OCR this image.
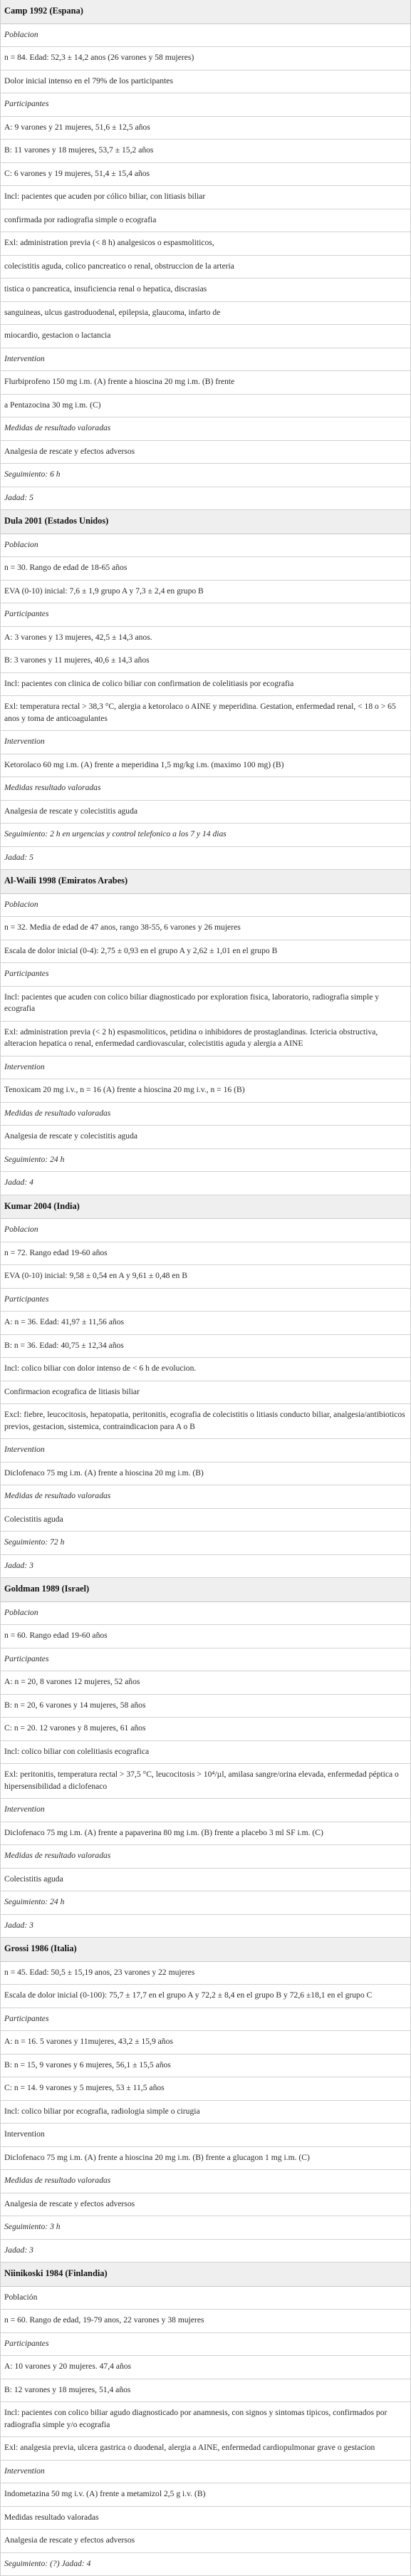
Camp 1992 (Espana)
Poblacion
n = 84. Edad: 52,3 ± 14,2 anos (26 varones y 58 mujeres)
Dolor inicial intenso en el 79% de los participantes
Participantes
A: 9 varones y 21 mujeres, 51,6 ± 12,5 años
B: 11 varones y 18 mujeres, 53,7 ± 15,2 años
C: 6 varones y 19 mujeres, 51,4 ± 15,4 años
Incl: pacientes que acuden por cólico biliar, con litiasis biliar
confirmada por radiografia simple o ecografia
Exl: administration previa (< 8 h) analgesicos o espasmoliticos,
colecistitis aguda, colico pancreatico o renal, obstruccion de la arteria
tistica o pancreatica, insuficiencia renal o hepatica, discrasias
sanguineas, ulcus gastroduodenal, epilepsia, glaucoma, infarto de
miocardio, gestacion o lactancia
Intervention
Flurbiprofeno 150 mg i.m. (A) frente a hioscina 20 mg i.m. (B) frente
a Pentazocina 30 mg i.m. (C)
Medidas de resultado valoradas
Analgesia de rescate y efectos adversos
Seguimiento: 6 h
Jadad: 5
Dula 2001 (Estados Unidos)
Poblacion
n = 30. Rango de edad de 18-65 años
EVA (0-10) inicial: 7,6 ± 1,9 grupo A y 7,3 ± 2,4 en grupo B
Participantes
A: 3 varones y 13 mujeres, 42,5 ± 14,3 anos.
B: 3 varones y 11 mujeres, 40,6 ± 14,3 años
Incl: pacientes con clinica de colico biliar con confirmation de colelitiasis por ecografia
Exl: temperatura rectal > 38,3 °C, alergia a ketorolaco o AINE y meperidina. Gestation, enfermedad renal, < 18 o > 65 anos y toma de anticoagulantes
Intervention
Ketorolaco 60 mg i.m. (A) frente a meperidina 1,5 mg/kg i.m. (maximo 100 mg) (B)
Medidas resultado valoradas
Analgesia de rescate y colecistitis aguda
Seguimiento: 2 h en urgencias y control telefonico a los 7 y 14 dias
Jadad: 5
Al-Waili 1998 (Emiratos Arabes)
Poblacion
n = 32. Media de edad de 47 anos, rango 38-55, 6 varones y 26 mujeres
Escala de dolor inicial (0-4): 2,75 ± 0,93 en el grupo A y 2,62 ± 1,01 en el grupo B
Participantes
Incl: pacientes que acuden con colico biliar diagnosticado por exploration fisica, laboratorio, radiografia simple y ecografia
Exl: administration previa (< 2 h) espasmoliticos, petidina o inhibidores de prostaglandinas. Ictericia obstructiva, alteracion hepatica o renal, enfermedad cardiovascular, colecistitis aguda y alergia a AINE
Intervention
Tenoxicam 20 mg i.v., n = 16 (A) frente a hioscina 20 mg i.v., n = 16 (B)
Medidas de resultado valoradas
Analgesia de rescate y colecistitis aguda
Seguimiento: 24 h
Jadad: 4
Kumar 2004 (India)
Poblacion
n = 72. Rango edad 19-60 años
EVA (0-10) inicial: 9,58 ± 0,54 en A y 9,61 ± 0,48 en B
Participantes
A: n = 36. Edad: 41,97 ± 11,56 años
B: n = 36. Edad: 40,75 ± 12,34 años
Incl: colico biliar con dolor intenso de < 6 h de evolucion.
Confirmacion ecografica de litiasis biliar
Excl: fiebre, leucocitosis, hepatopatia, peritonitis, ecografia de colecistitis o litiasis conducto biliar, analgesia/antibioticos previos, gestacion, sistemica, contraindicacion para A o B
Intervention
Diclofenaco 75 mg i.m. (A) frente a hioscina 20 mg i.m. (B)
Medidas de resultado valoradas
Colecistitis aguda
Seguimiento: 72 h
Jadad: 3
Goldman 1989 (Israel)
Poblacion
n = 60. Rango edad 19-60 años
Participantes
A: n = 20, 8 varones 12 mujeres, 52 años
B: n = 20, 6 varones y 14 mujeres, 58 años
C: n = 20. 12 varones y 8 mujeres, 61 años
Incl: colico biliar con colelitiasis ecografica
Exl: peritonitis, temperatura rectal > 37,5 °C, leucocitosis > 10⁴/µl, amilasa sangre/orina elevada, enfermedad péptica o hipersensibilidad a diclofenaco
Intervention
Diclofenaco 75 mg i.m. (A) frente a papaverina 80 mg i.m. (B) frente a placebo 3 ml SF i.m. (C)
Medidas de resultado valoradas
Colecistitis aguda
Seguimiento: 24 h
Jadad: 3
Grossi 1986 (Italia)
n = 45. Edad: 50,5 ± 15,19 anos, 23 varones y 22 mujeres
Escala de dolor inicial (0-100): 75,7 ± 17,7 en el grupo A y 72,2 ± 8,4 en el grupo B y 72,6 ±18,1 en el grupo C
Participantes
A: n = 16. 5 varones y 11mujeres, 43,2 ± 15,9 años
B: n = 15, 9 varones y 6 mujeres, 56,1 ± 15,5 años
C: n = 14. 9 varones y 5 mujeres, 53 ± 11,5 años
Incl: colico biliar por ecografia, radiologia simple o cirugia
Intervention
Diclofenaco 75 mg i.m. (A) frente a hioscina 20 mg i.m. (B) frente a glucagon 1 mg i.m. (C)
Medidas de resultado valoradas
Analgesia de rescate y efectos adversos
Seguimiento: 3 h
Jadad: 3
Niinikoski 1984 (Finlandia)
Población
n = 60. Rango de edad, 19-79 anos, 22 varones y 38 mujeres
Participantes
A: 10 varones y 20 mujeres. 47,4 años
B: 12 varones y 18 mujeres, 51,4 años
Incl: pacientes con colico biliar agudo diagnosticado por anamnesis, con signos y sintomas tipicos, confirmados por radiografia simple y/o ecografia
Exl: analgesia previa, ulcera gastrica o duodenal, alergia a AINE, enfermedad cardiopulmonar grave o gestacion
Intervention
Indometazina 50 mg i.v. (A) frente a metamizol 2,5 g i.v. (B)
Medidas resultado valoradas
Analgesia de rescate y efectos adversos
Seguimiento: (?) Jadad: 4
